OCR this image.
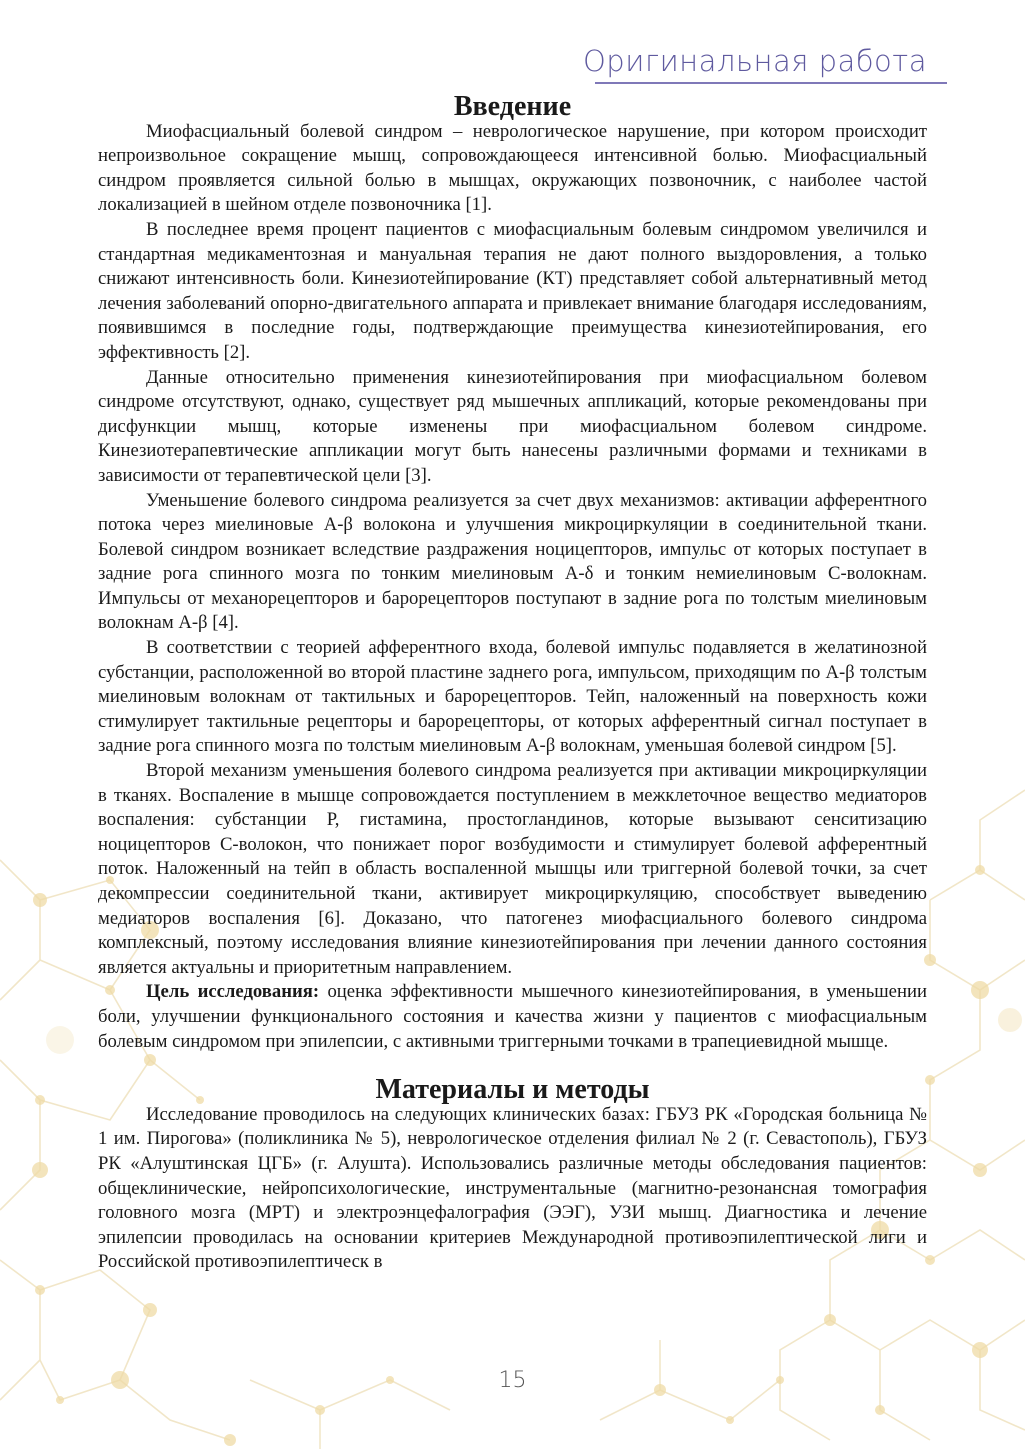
Оригинальная работа
Введение

Миофасциальный болевой синдром – неврологическое нарушение, при котором происходит непроизвольное сокращение мышц, сопровождающееся интенсивной болью. Миофасциальный синдром проявляется сильной болью в мышцах, окружающих позвоночник, с наиболее частой локализацией в шейном отделе позвоночника [1].

В последнее время процент пациентов с миофасциальным болевым синдромом увеличился и стандартная медикаментозная и мануальная терапия не дают полного выздоровления, а только снижают интенсивность боли. Кинезиотейпирование (КТ) представляет собой альтернативный метод лечения заболеваний опорно-двигательного аппарата и привлекает внимание благодаря исследованиям, появившимся в последние годы, подтверждающие преимущества кинезиотейпирования, его эффективность [2].

Данные относительно применения кинезиотейпирования при миофасциальном болевом синдроме отсутствуют, однако, существует ряд мышечных аппликаций, которые рекомендованы при дисфункции мышц, которые изменены при миофасциальном болевом синдроме. Кинезиотерапевтические аппликации могут быть нанесены различными формами и техниками в зависимости от терапевтической цели [3].

Уменьшение болевого синдрома реализуется за счет двух механизмов: активации афферентного потока через миелиновые А-β волокона и улучшения микроциркуляции в соединительной ткани. Болевой синдром возникает вследствие раздражения ноцицепторов, импульс от которых поступает в задние рога спинного мозга по тонким миелиновым А-δ и тонким немиелиновым С-волокнам. Импульсы от механорецепторов и барорецепторов поступают в задние рога по толстым миелиновым волокнам А-β [4].

В соответствии с теорией афферентного входа, болевой импульс подавляется в желатинозной субстанции, расположенной во второй пластине заднего рога, импульсом, приходящим по А-β толстым миелиновым волокнам от тактильных и барорецепторов. Тейп, наложенный на поверхность кожи стимулирует тактильные рецепторы и барорецепторы, от которых афферентный сигнал поступает в задние рога спинного мозга по толстым миелиновым А-β волокнам, уменьшая болевой синдром [5].

Второй механизм уменьшения болевого синдрома реализуется при активации микроциркуляции в тканях. Воспаление в мышце сопровождается поступлением в межклеточное вещество медиаторов воспаления: субстанции Р, гистамина, простогландинов, которые вызывают сенситизацию ноцицепторов С-волокон, что понижает порог возбудимости и стимулирует болевой афферентный поток. Наложенный на тейп в область воспаленной мышцы или триггерной болевой точки, за счет декомпрессии соединительной ткани, активирует микроциркуляцию, способствует выведению медиаторов воспаления [6]. Доказано, что патогенез миофасциального болевого синдрома комплексный, поэтому исследования влияние кинезиотейпирования при лечении данного состояния является актуальны и приоритетным направлением.

Цель исследования: оценка эффективности мышечного кинезиотейпирования, в уменьшении боли, улучшении функционального состояния и качества жизни у пациентов с миофасциальным болевым синдромом при эпилепсии, с активными триггерными точками в трапециевидной мышце.

Материалы и методы

Исследование проводилось на следующих клинических базах: ГБУЗ РК «Городская больница № 1 им. Пирогова» (поликлиника № 5), неврологическое отделения филиал № 2 (г. Севастополь), ГБУЗ РК «Алуштинская ЦГБ» (г. Алушта). Использовались различные методы обследования пациентов: общеклинические, нейропсихологические, инструментальные (магнитно-резонансная томография головного мозга (МРТ) и электроэнцефалография (ЭЭГ), УЗИ мышц. Диагностика и лечение эпилепсии проводилась на основании критериев Международной противоэпилептической лиги и Российской противоэпилептическ в

15
